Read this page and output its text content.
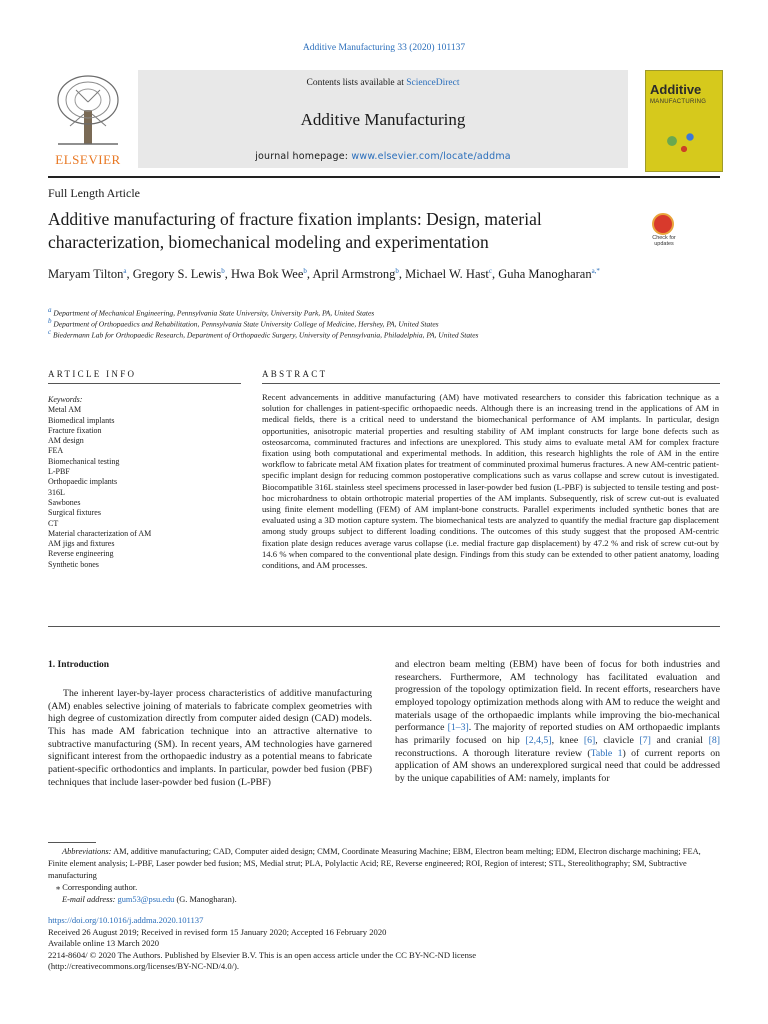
Additive Manufacturing 33 (2020) 101137
ELSEVIER
Contents lists available at ScienceDirect
Additive Manufacturing
journal homepage: www.elsevier.com/locate/addma
Additive
MANUFACTURING
Full Length Article
Additive manufacturing of fracture fixation implants: Design, material characterization, biomechanical modeling and experimentation	Check for updates
Maryam Tilton$^a$, Gregory S. Lewis$^b$, Hwa Bok Wee$^b$, April Armstrong$^b$, Michael W. Hast$^c$, Guha Manogharan$^{a,*}$
$^a$ Department of Mechanical Engineering, Pennsylvania State University, University Park, PA, United States
$^b$ Department of Orthopaedics and Rehabilitation, Pennsylvania State University College of Medicine, Hershey, PA, United States
$^c$ Biedermann Lab for Orthopaedic Research, Department of Orthopaedic Surgery, University of Pennsylvania, Philadelphia, PA, United States
ARTICLE INFO	ABSTRACT
Keywords:
Metal AM
Biomedical implants
Fracture fixation
AM design
FEA
Biomechanical testing
L-PBF
Orthopaedic implants
316L
Sawbones
Surgical fixtures
CT
Material characterization of AM
AM jigs and fixtures
Reverse engineering
Synthetic bones
Recent advancements in additive manufacturing (AM) have motivated researchers to consider this fabrication technique as a solution for challenges in patient-specific orthopaedic needs. Although there is an increasing trend in the applications of AM in medical fields, there is a critical need to understand the biomechanical performance of AM implants. In particular, design opportunities, anisotropic material properties and resulting stability of AM implant constructs for large bone defects such as osteosarcoma, comminuted fractures and infections are unexplored. This study aims to evaluate metal AM for complex fracture fixation using both computational and experimental methods. In addition, this research highlights the role of AM in the entire workflow to fabricate metal AM fixation plates for treatment of comminuted proximal humerus fractures. A new AM-centric patient-specific implant design for reducing common postoperative complications such as varus collapse and screw cutout is investigated. Biocompatible 316L stainless steel specimens processed in laser-powder bed fusion (L-PBF) is subjected to tensile testing and post-hoc microhardness to obtain orthotropic material properties of the AM implants. Subsequently, risk of screw cut-out is evaluated using finite element modelling (FEM) of AM implant-bone constructs. Parallel experiments included synthetic bones that are evaluated using a 3D motion capture system. The biomechanical tests are analyzed to quantify the medial fracture gap displacement among study groups subject to different loading conditions. The outcomes of this study suggest that the proposed AM-centric fixation plate design reduces average varus collapse (i.e. medial fracture gap displacement) by 47.2 % and risk of screw cut-out by 14.6 % when compared to the conventional plate design. Findings from this study can be extended to other patient anatomy, loading conditions, and AM processes.
1. Introduction
The inherent layer-by-layer process characteristics of additive manufacturing (AM) enables selective joining of materials to fabricate complex geometries with high degree of customization directly from computer aided design (CAD) models. This has made AM fabrication technique into an attractive alternative to subtractive manufacturing (SM). In recent years, AM technologies have garnered significant interest from the orthopaedic industry as a potential means to fabricate patient-specific orthodontics and implants. In particular, powder bed fusion (PBF) techniques that include laser-powder bed fusion (L-PBF)
and electron beam melting (EBM) have been of focus for both industries and researchers. Furthermore, AM technology has facilitated evaluation and progression of the topology optimization field. In recent efforts, researchers have employed topology optimization methods along with AM to reduce the weight and materials usage of the orthopaedic implants while improving the bio-mechanical performance [1–3]. The majority of reported studies on AM orthopaedic implants has primarily focused on hip [2,4,5], knee [6], clavicle [7] and cranial [8] reconstructions. A thorough literature review (Table 1) of current reports on application of AM shows an underexplored surgical need that could be addressed by the unique capabilities of AM: namely, implants for
Abbreviations: AM, additive manufacturing; CAD, Computer aided design; CMM, Coordinate Measuring Machine; EBM, Electron beam melting; EDM, Electron discharge machining; FEA, Finite element analysis; L-PBF, Laser powder bed fusion; MS, Medial strut; PLA, Polylactic Acid; RE, Reverse engineered; ROI, Region of interest; STL, Stereolithography; SM, Subtractive manufacturing
⁎ Corresponding author.
E-mail address: gum53@psu.edu (G. Manogharan).
https://doi.org/10.1016/j.addma.2020.101137
Received 26 August 2019; Received in revised form 15 January 2020; Accepted 16 February 2020
Available online 13 March 2020
2214-8604/ © 2020 The Authors. Published by Elsevier B.V. This is an open access article under the CC BY-NC-ND license
(http://creativecommons.org/licenses/BY-NC-ND/4.0/).
